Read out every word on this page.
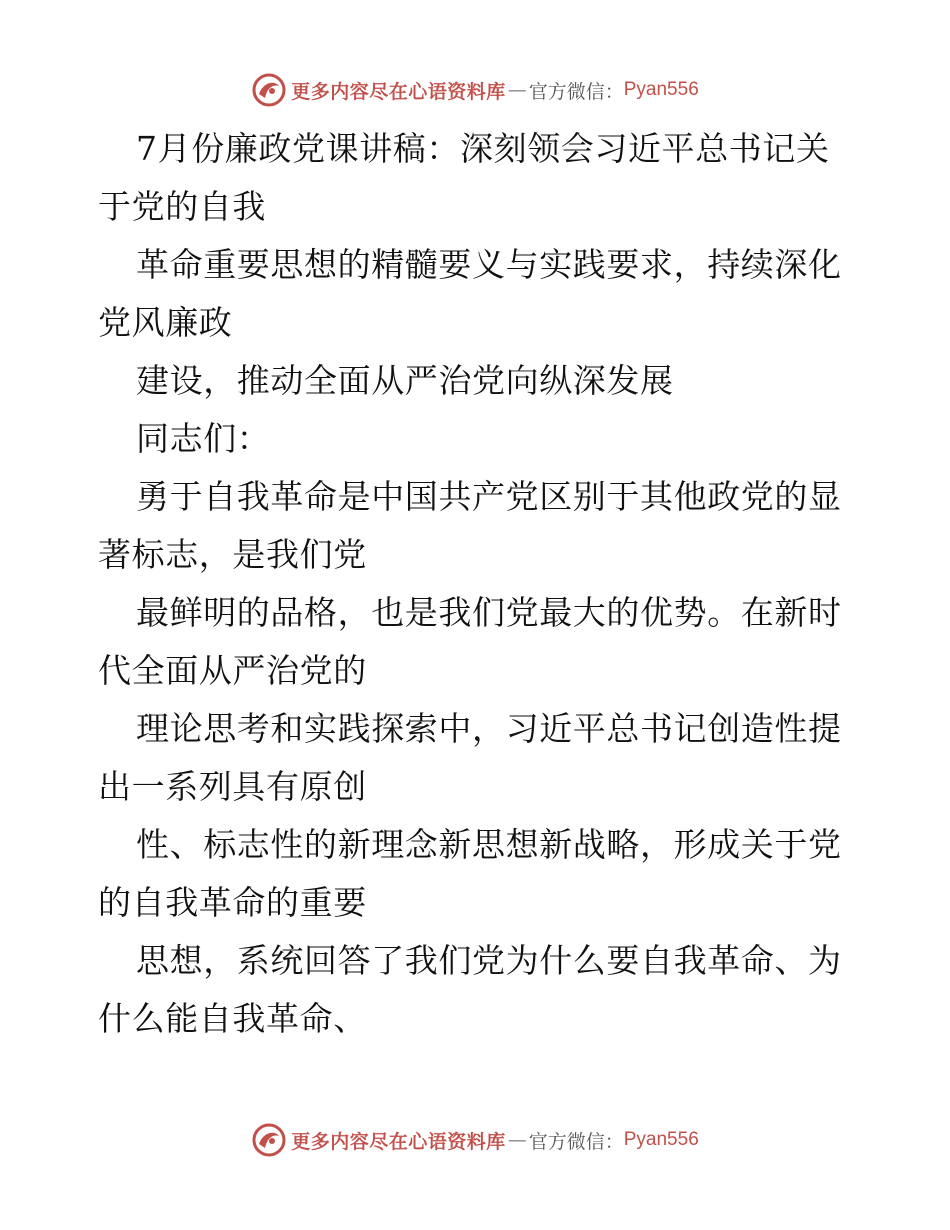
更多内容尽在心语资料库 — 官方微信： Pyan556
7月份廉政党课讲稿：深刻领会习近平总书记关
于党的自我
革命重要思想的精髓要义与实践要求，持续深化
党风廉政
建设，推动全面从严治党向纵深发展
同志们：
勇于自我革命是中国共产党区别于其他政党的显
著标志，是我们党
最鲜明的品格，也是我们党最大的优势。在新时
代全面从严治党的
理论思考和实践探索中，习近平总书记创造性提
出一系列具有原创
性、标志性的新理念新思想新战略，形成关于党
的自我革命的重要
思想，系统回答了我们党为什么要自我革命、为
什么能自我革命、
更多内容尽在心语资料库 — 官方微信： Pyan556
